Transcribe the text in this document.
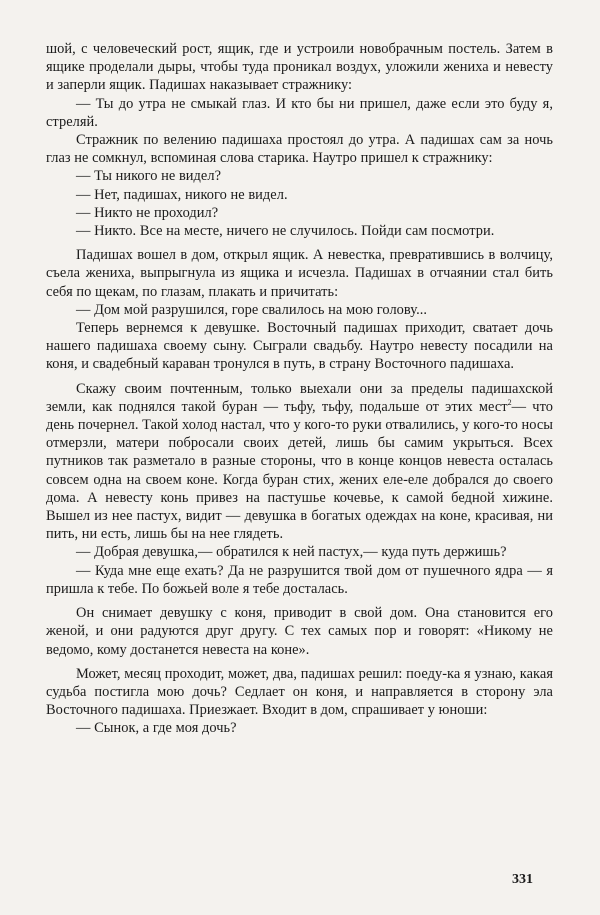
шой, с человеческий рост, ящик, где и устроили новобрачным постель. Затем в ящике проделали дыры, чтобы туда проникал воздух, уложили жениха и невесту и заперли ящик. Падишах наказывает стражнику:

— Ты до утра не смыкай глаз. И кто бы ни пришел, даже если это буду я, стреляй.

Стражник по велению падишаха простоял до утра. А падишах сам за ночь глаз не сомкнул, вспоминая слова старика. Наутро пришел к стражнику:

— Ты никого не видел?

— Нет, падишах, никого не видел.

— Никто не проходил?

— Никто. Все на месте, ничего не случилось. Пойди сам посмотри.

Падишах вошел в дом, открыл ящик. А невестка, превратившись в волчицу, съела жениха, выпрыгнула из ящика и исчезла. Падишах в отчаянии стал бить себя по щекам, по глазам, плакать и причитать:

— Дом мой разрушился, горе свалилось на мою голову...

Теперь вернемся к девушке. Восточный падишах приходит, сватает дочь нашего падишаха своему сыну. Сыграли свадьбу. Наутро невесту посадили на коня, и свадебный караван тронулся в путь, в страну Восточного падишаха.

Скажу своим почтенным, только выехали они за пределы падишахской земли, как поднялся такой буран — тьфу, тьфу, подальше от этих мест$^2$— что день почернел. Такой холод настал, что у кого-то руки отвалились, у кого-то носы отмерзли, матери побросали своих детей, лишь бы самим укрыться. Всех путников так разметало в разные стороны, что в конце концов невеста осталась совсем одна на своем коне. Когда буран стих, жених еле-еле добрался до своего дома. А невесту конь привез на пастушье кочевье, к самой бедной хижине. Вышел из нее пастух, видит — девушка в богатых одеждах на коне, красивая, ни пить, ни есть, лишь бы на нее глядеть.

— Добрая девушка,— обратился к ней пастух,— куда путь держишь?

— Куда мне еще ехать? Да не разрушится твой дом от пушечного ядра — я пришла к тебе. По божьей воле я тебе досталась.

Он снимает девушку с коня, приводит в свой дом. Она становится его женой, и они радуются друг другу. С тех самых пор и говорят: «Никому не ведомо, кому достанется невеста на коне».

Может, месяц проходит, может, два, падишах решил: поеду-ка я узнаю, какая судьба постигла мою дочь? Седлает он коня, и направляется в сторону эла Восточного падишаха. Приезжает. Входит в дом, спрашивает у юноши:

— Сынок, а где моя дочь?

331
